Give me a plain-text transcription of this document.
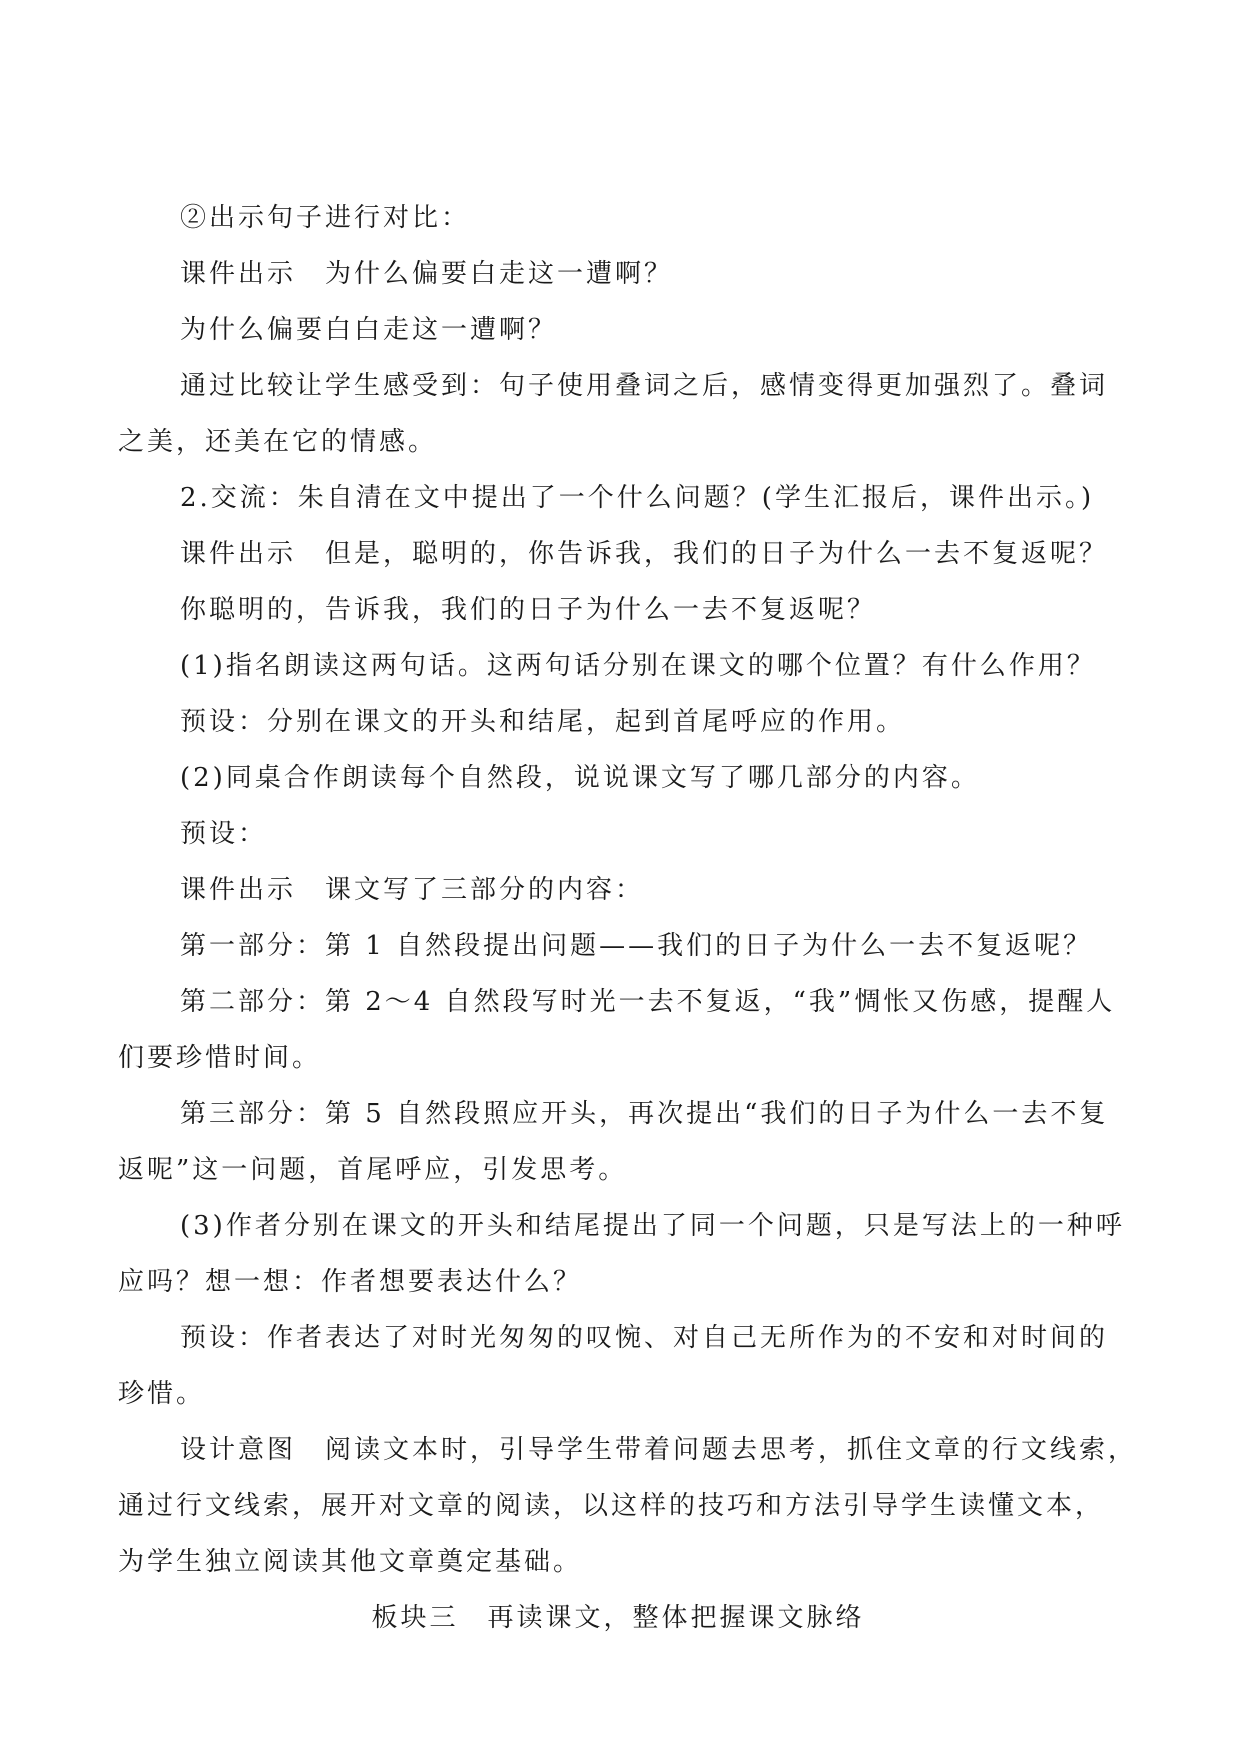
②出示句子进行对比：
课件出示　为什么偏要白走这一遭啊？
为什么偏要白白走这一遭啊？
通过比较让学生感受到：句子使用叠词之后，感情变得更加强烈了。叠词
之美，还美在它的情感。
2.交流：朱自清在文中提出了一个什么问题？(学生汇报后，课件出示。)
课件出示　但是，聪明的，你告诉我，我们的日子为什么一去不复返呢？
你聪明的，告诉我，我们的日子为什么一去不复返呢？
(1)指名朗读这两句话。这两句话分别在课文的哪个位置？有什么作用？
预设：分别在课文的开头和结尾，起到首尾呼应的作用。
(2)同桌合作朗读每个自然段，说说课文写了哪几部分的内容。
预设：
课件出示　课文写了三部分的内容：
第一部分：第 1 自然段提出问题——我们的日子为什么一去不复返呢？
第二部分：第 2～4 自然段写时光一去不复返，“我”惆怅又伤感，提醒人
们要珍惜时间。
第三部分：第 5 自然段照应开头，再次提出“我们的日子为什么一去不复
返呢”这一问题，首尾呼应，引发思考。
(3)作者分别在课文的开头和结尾提出了同一个问题，只是写法上的一种呼
应吗？想一想：作者想要表达什么？
预设：作者表达了对时光匆匆的叹惋、对自己无所作为的不安和对时间的
珍惜。
设计意图　阅读文本时，引导学生带着问题去思考，抓住文章的行文线索，
通过行文线索，展开对文章的阅读，以这样的技巧和方法引导学生读懂文本，
为学生独立阅读其他文章奠定基础。
板块三　再读课文，整体把握课文脉络
